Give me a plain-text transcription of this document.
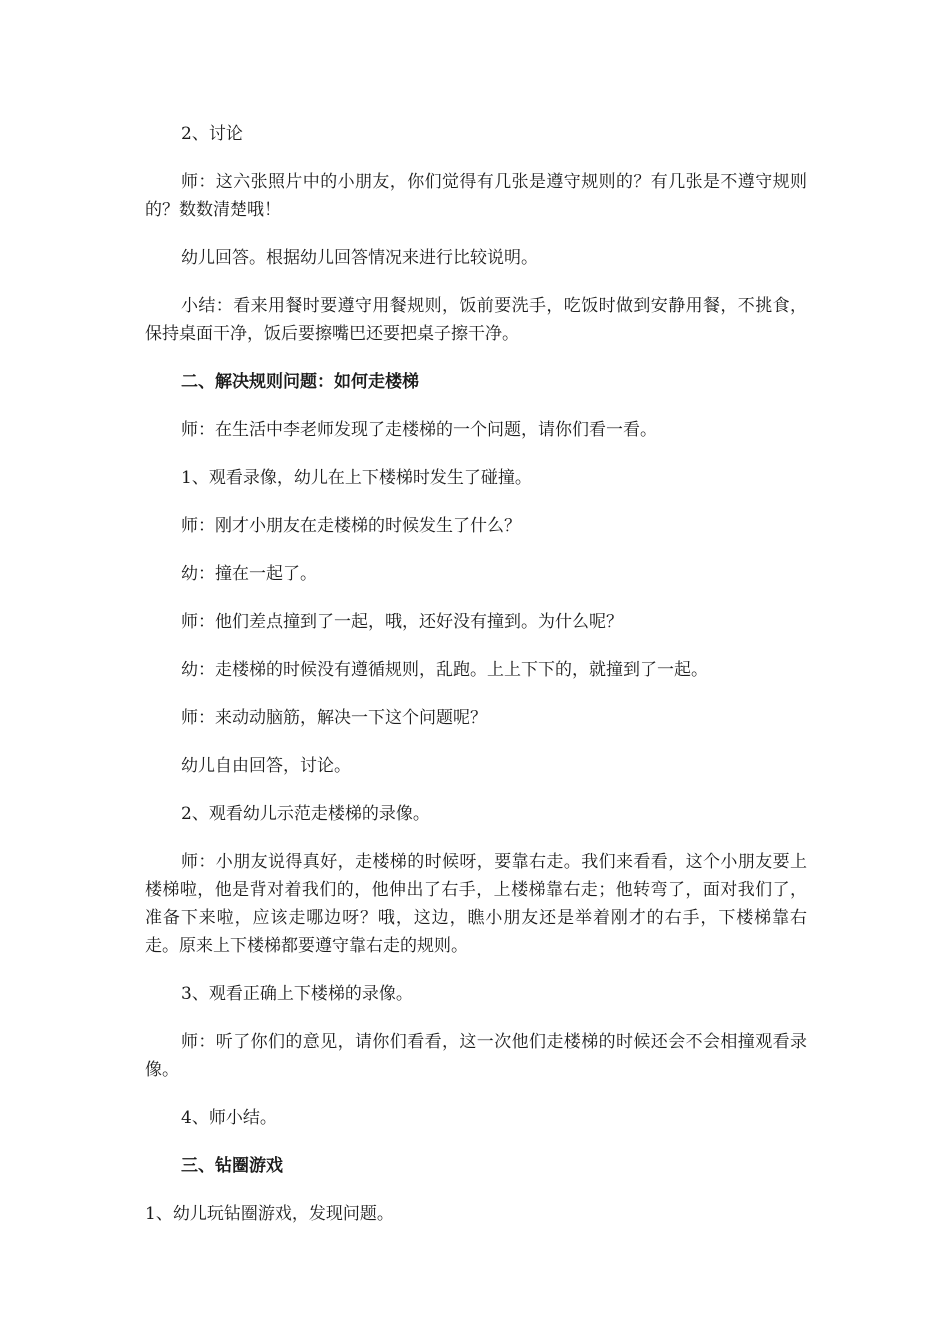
2、讨论

师：这六张照片中的小朋友，你们觉得有几张是遵守规则的？有几张是不遵守规则的？数数清楚哦！

幼儿回答。根据幼儿回答情况来进行比较说明。

小结：看来用餐时要遵守用餐规则，饭前要洗手，吃饭时做到安静用餐，不挑食，保持桌面干净，饭后要擦嘴巴还要把桌子擦干净。

二、解决规则问题：如何走楼梯

师：在生活中李老师发现了走楼梯的一个问题，请你们看一看。

1、观看录像，幼儿在上下楼梯时发生了碰撞。

师：刚才小朋友在走楼梯的时候发生了什么？

幼：撞在一起了。

师：他们差点撞到了一起，哦，还好没有撞到。为什么呢？

幼：走楼梯的时候没有遵循规则，乱跑。上上下下的，就撞到了一起。

师：来动动脑筋，解决一下这个问题呢？

幼儿自由回答，讨论。

2、观看幼儿示范走楼梯的录像。

师：小朋友说得真好，走楼梯的时候呀，要靠右走。我们来看看，这个小朋友要上楼梯啦，他是背对着我们的，他伸出了右手，上楼梯靠右走；他转弯了，面对我们了，准备下来啦，应该走哪边呀？哦，这边，瞧小朋友还是举着刚才的右手，下楼梯靠右走。原来上下楼梯都要遵守靠右走的规则。

3、观看正确上下楼梯的录像。

师：听了你们的意见，请你们看看，这一次他们走楼梯的时候还会不会相撞观看录像。

4、师小结。

三、钻圈游戏

1、幼儿玩钻圈游戏，发现问题。
